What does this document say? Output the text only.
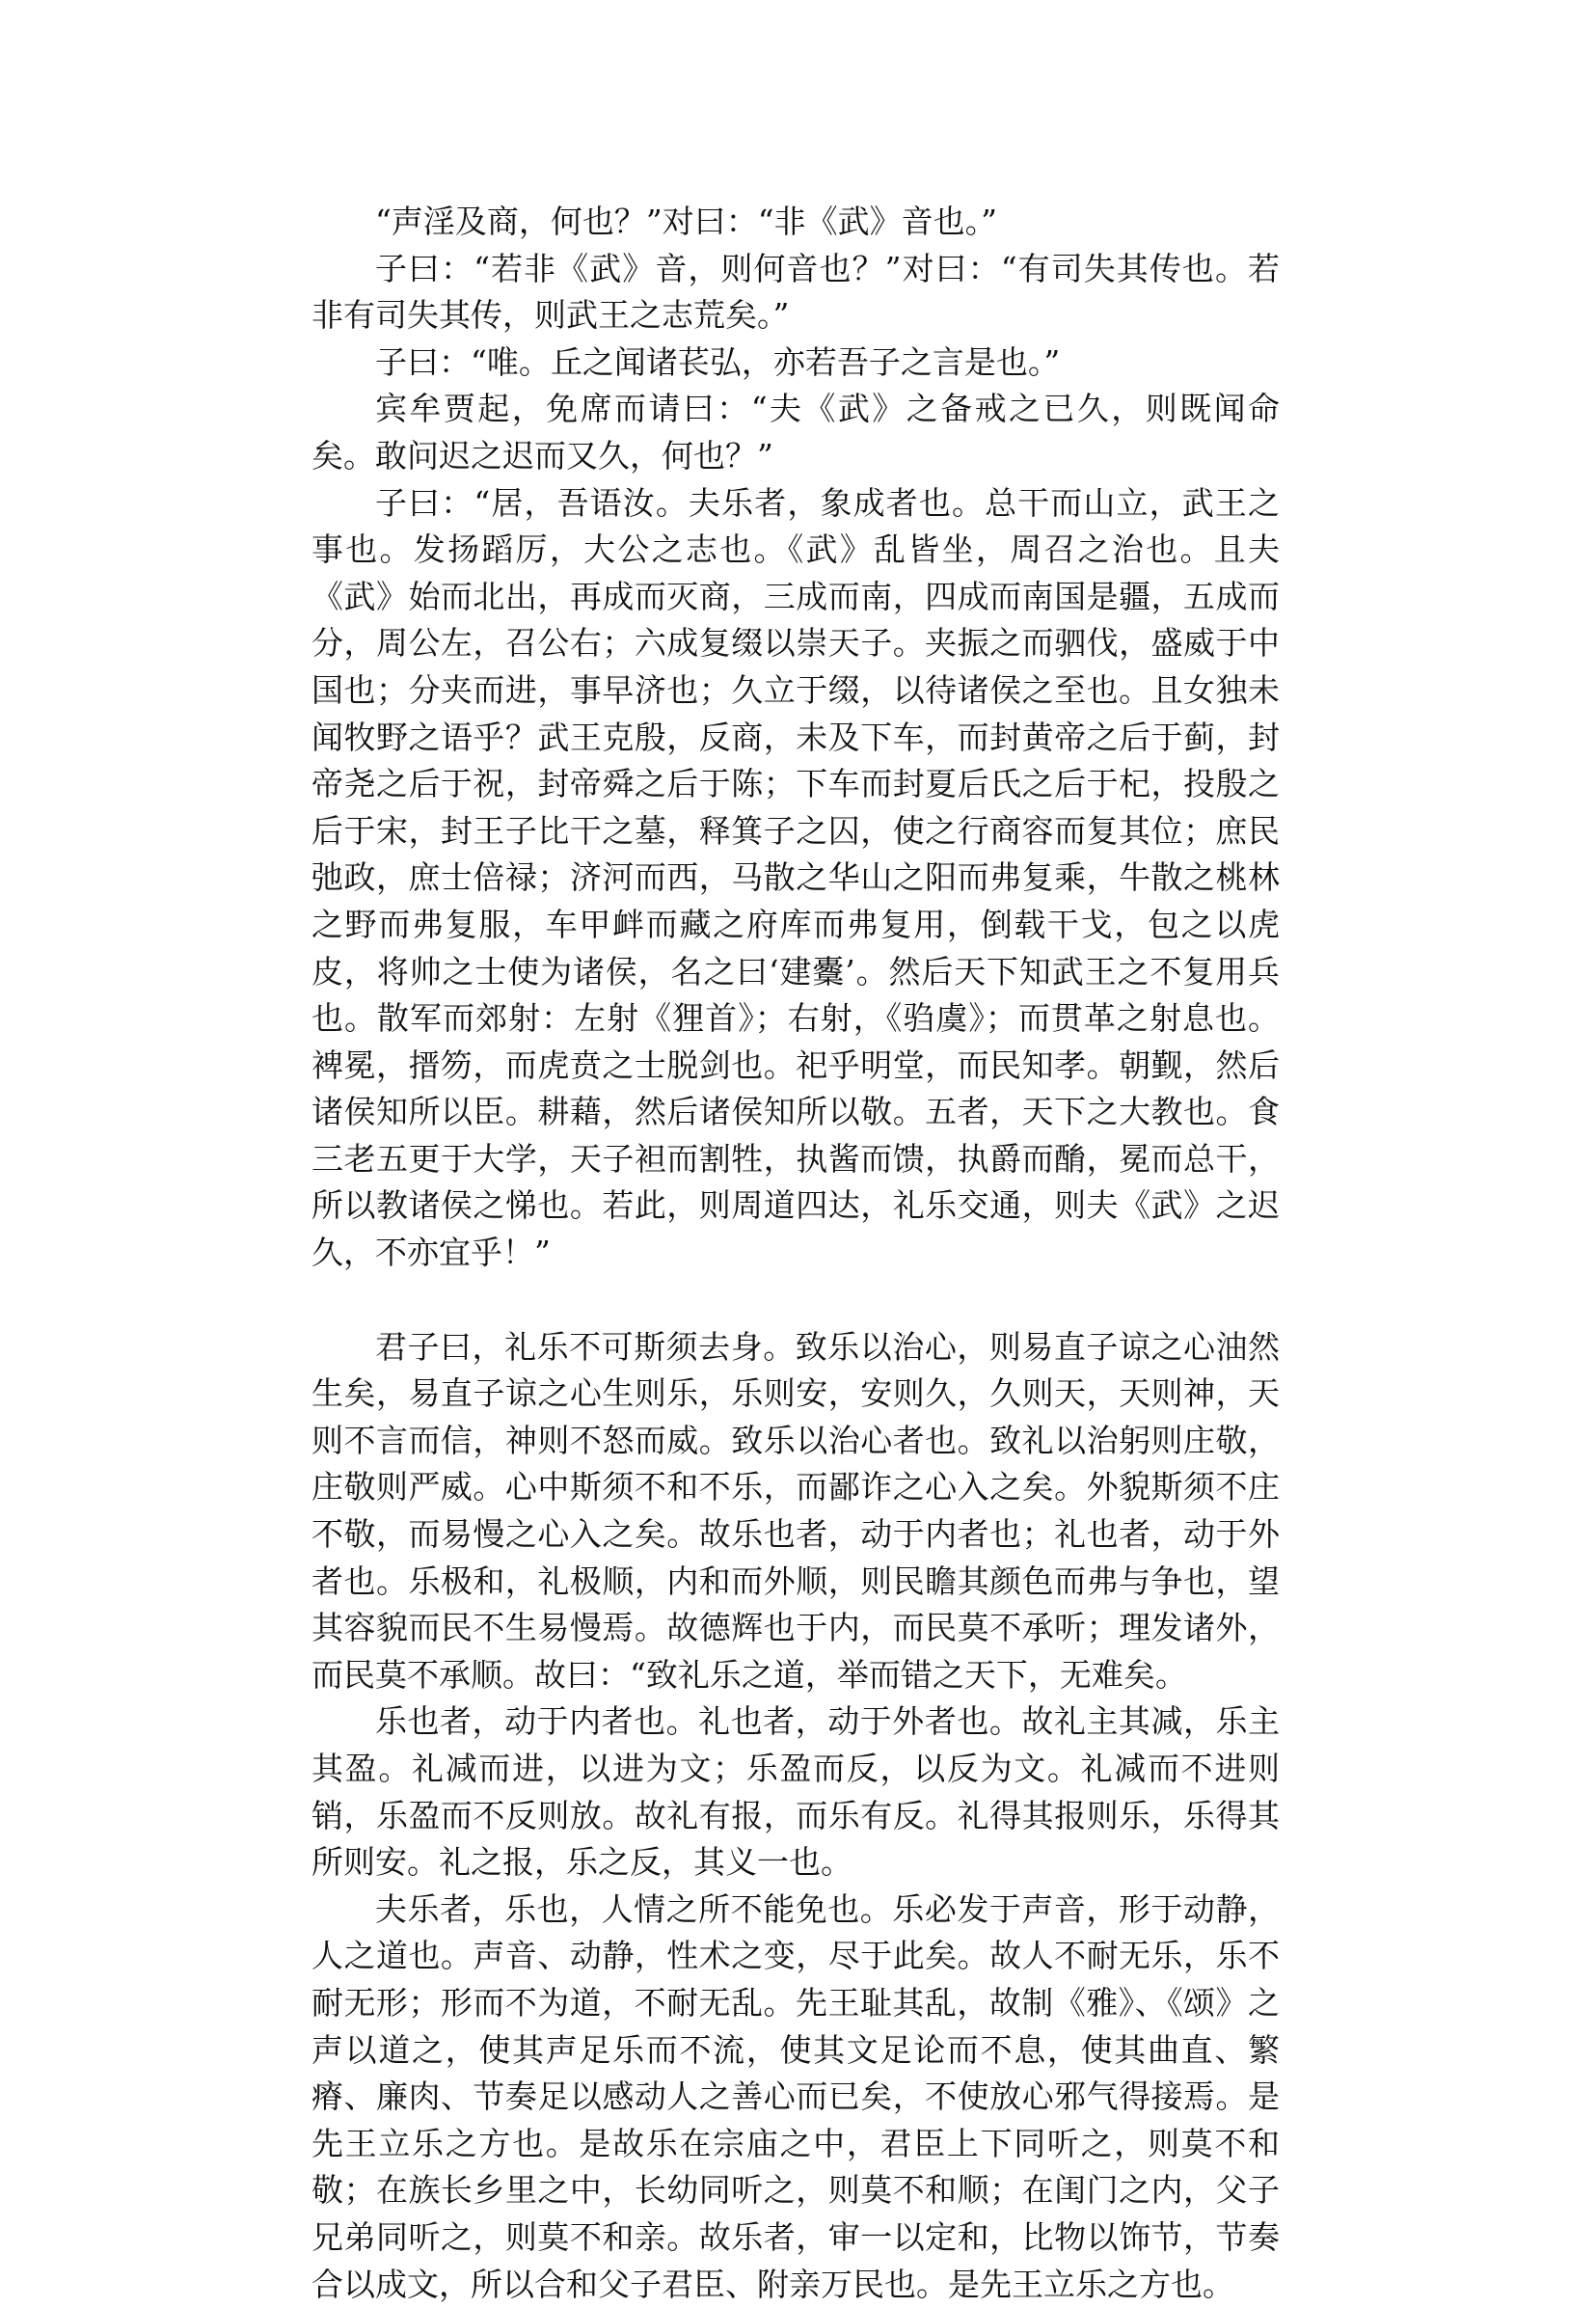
“声淫及商，何也？”对曰：“非《武》音也。”

子曰：“若非《武》音，则何音也？”对曰：“有司失其传也。若非有司失其传，则武王之志荒矣。”

子曰：“唯。丘之闻诸苌弘，亦若吾子之言是也。”

宾牟贾起，免席而请曰：“夫《武》之备戒之已久，则既闻命矣。敢问迟之迟而又久，何也？”

子曰：“居，吾语汝。夫乐者，象成者也。总干而山立，武王之事也。发扬蹈厉，大公之志也。《武》乱皆坐，周召之治也。且夫《武》始而北出，再成而灭商，三成而南，四成而南国是疆，五成而分，周公左，召公右；六成复缀以崇天子。夹振之而驷伐，盛威于中国也；分夹而进，事早济也；久立于缀，以待诸侯之至也。且女独未闻牧野之语乎？武王克殷，反商，未及下车，而封黄帝之后于蓟，封帝尧之后于祝，封帝舜之后于陈；下车而封夏后氏之后于杞，投殷之后于宋，封王子比干之墓，释箕子之囚，使之行商容而复其位；庶民弛政，庶士倍禄；济河而西，马散之华山之阳而弗复乘，牛散之桃林之野而弗复服，车甲衅而藏之府库而弗复用，倒载干戈，包之以虎皮，将帅之士使为诸侯，名之曰‘建櫜’。然后天下知武王之不复用兵也。散军而郊射：左射《狸首》；右射，《驺虞》；而贯革之射息也。裨冕，搢笏，而虎贲之士脱剑也。祀乎明堂，而民知孝。朝觐，然后诸侯知所以臣。耕藉，然后诸侯知所以敬。五者，天下之大教也。食三老五更于大学，天子袒而割牲，执酱而馈，执爵而酳，冕而总干，所以教诸侯之悌也。若此，则周道四达，礼乐交通，则夫《武》之迟久，不亦宜乎！”

君子曰，礼乐不可斯须去身。致乐以治心，则易直子谅之心油然生矣，易直子谅之心生则乐，乐则安，安则久，久则天，天则神，天则不言而信，神则不怒而威。致乐以治心者也。致礼以治躬则庄敬，庄敬则严威。心中斯须不和不乐，而鄙诈之心入之矣。外貌斯须不庄不敬，而易慢之心入之矣。故乐也者，动于内者也；礼也者，动于外者也。乐极和，礼极顺，内和而外顺，则民瞻其颜色而弗与争也，望其容貌而民不生易慢焉。故德辉也于内，而民莫不承听；理发诸外，而民莫不承顺。故曰：“致礼乐之道，举而错之天下，无难矣。

乐也者，动于内者也。礼也者，动于外者也。故礼主其减，乐主其盈。礼减而进，以进为文；乐盈而反，以反为文。礼减而不进则销，乐盈而不反则放。故礼有报，而乐有反。礼得其报则乐，乐得其所则安。礼之报，乐之反，其义一也。

夫乐者，乐也，人情之所不能免也。乐必发于声音，形于动静，人之道也。声音、动静，性术之变，尽于此矣。故人不耐无乐，乐不耐无形；形而不为道，不耐无乱。先王耻其乱，故制《雅》、《颂》之声以道之，使其声足乐而不流，使其文足论而不息，使其曲直、繁瘠、廉肉、节奏足以感动人之善心而已矣，不使放心邪气得接焉。是先王立乐之方也。是故乐在宗庙之中，君臣上下同听之，则莫不和敬；在族长乡里之中，长幼同听之，则莫不和顺；在闺门之内，父子兄弟同听之，则莫不和亲。故乐者，审一以定和，比物以饰节，节奏合以成文，所以合和父子君臣、附亲万民也。是先王立乐之方也。
